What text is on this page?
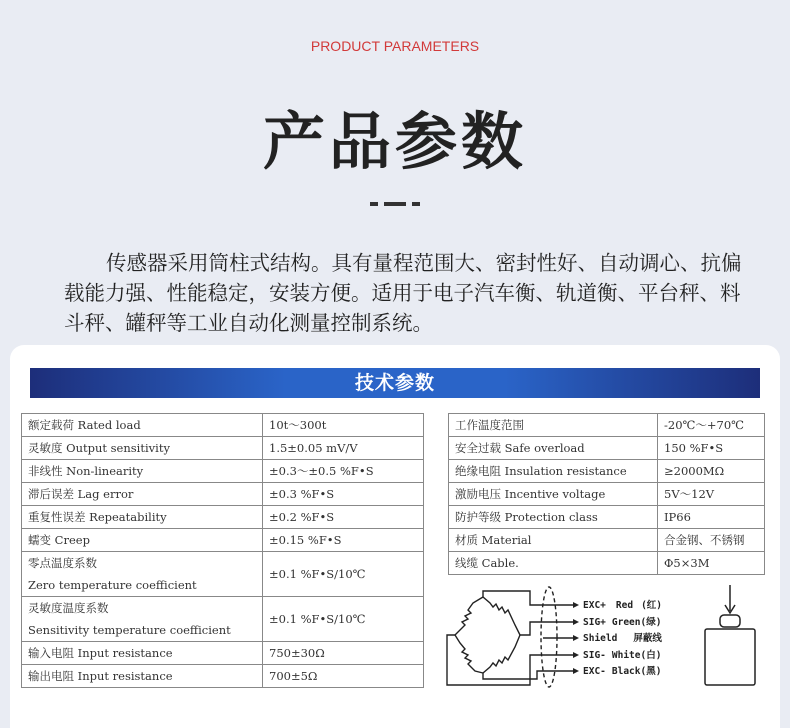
PRODUCT PARAMETERS
产品参数
传感器采用筒柱式结构。具有量程范围大、密封性好、自动调心、抗偏载能力强、性能稳定，安装方便。适用于电子汽车衡、轨道衡、平台秤、料斗秤、罐秤等工业自动化测量控制系统。
技术参数
额定载荷 Rated load	10t～300t
灵敏度 Output sensitivity	1.5±0.05 mV/V
非线性 Non-linearity	±0.3～±0.5 %F•S
滞后误差 Lag error	±0.3 %F•S
重复性误差 Repeatability	±0.2 %F•S
蠕变 Creep	±0.15 %F•S
零点温度系数
Zero temperature coefficient	±0.1 %F•S/10℃
灵敏度温度系数
Sensitivity temperature coefficient	±0.1 %F•S/10℃
输入电阻 Input resistance	750±30Ω
输出电阻 Input resistance	700±5Ω
工作温度范围	-20℃～+70℃
安全过载 Safe overload	150 %F•S
绝缘电阻 Insulation resistance	≥2000MΩ
激励电压 Incentive voltage	5V～12V
防护等级 Protection class	IP66
材质 Material	合金钢、不锈钢
线缆 Cable.	Φ5×3M
EXC+ Red (红)
SIG+ Green(绿)
Shield 屏蔽线
SIG- White(白)
EXC- Black(黑)
